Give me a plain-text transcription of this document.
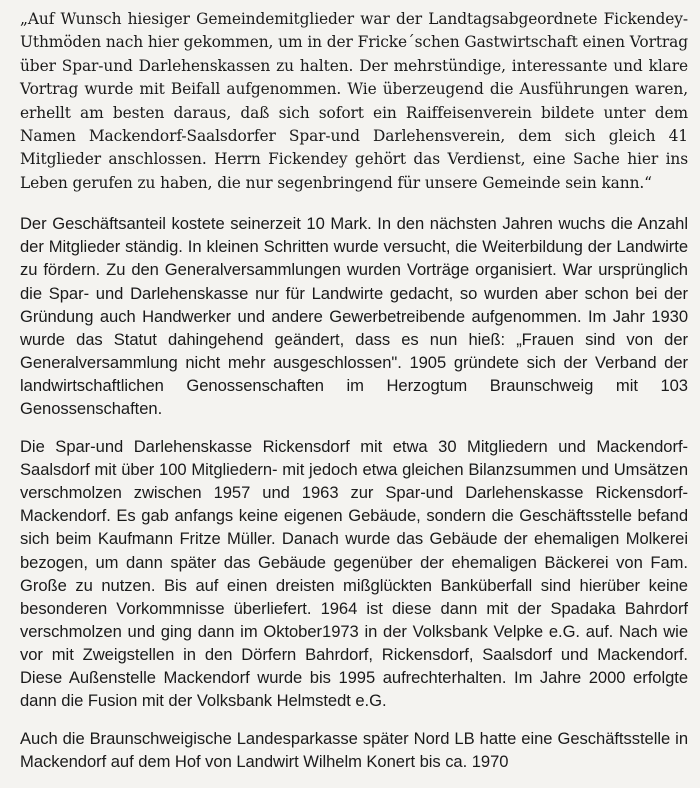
„Auf Wunsch hiesiger Gemeindemitglieder war der Landtagsabgeordnete Fickendey-Uthmöden nach hier gekommen, um in der Fricke´schen Gastwirtschaft einen Vortrag über Spar-und Darlehenskassen zu halten. Der mehrstündige, interessante und klare Vortrag wurde mit Beifall aufgenommen. Wie überzeugend die Ausführungen waren, erhellt am besten daraus, daß sich sofort ein Raiffeisenverein bildete unter dem Namen Mackendorf-Saalsdorfer Spar-und Darlehensverein, dem sich gleich 41 Mitglieder anschlossen. Herrn Fickendey gehört das Verdienst, eine Sache hier ins Leben gerufen zu haben, die nur segenbringend für unsere Gemeinde sein kann.“

Der Geschäftsanteil kostete seinerzeit 10 Mark. In den nächsten Jahren wuchs die Anzahl der Mitglieder ständig. In kleinen Schritten wurde versucht, die Weiterbildung der Landwirte zu fördern. Zu den Generalversammlungen wurden Vorträge organisiert. War ursprünglich die Spar- und Darlehenskasse nur für Landwirte gedacht, so wurden aber schon bei der Gründung auch Handwerker und andere Gewerbetreibende aufgenommen. Im Jahr 1930 wurde das Statut dahingehend geändert, dass es nun hieß: „Frauen sind von der Generalversammlung nicht mehr ausgeschlossen". 1905 gründete sich der Verband der landwirtschaftlichen Genossenschaften im Herzogtum Braunschweig mit 103 Genossenschaften.

Die Spar-und Darlehenskasse Rickensdorf mit etwa 30 Mitgliedern und Mackendorf-Saalsdorf mit über 100 Mitgliedern- mit jedoch etwa gleichen Bilanzsummen und Umsätzen verschmolzen zwischen 1957 und 1963 zur Spar-und Darlehenskasse Rickensdorf-Mackendorf. Es gab anfangs keine eigenen Gebäude, sondern die Geschäftsstelle befand sich beim Kaufmann Fritze Müller. Danach wurde das Gebäude der ehemaligen Molkerei bezogen, um dann später das Gebäude gegenüber der ehemaligen Bäckerei von Fam. Große zu nutzen. Bis auf einen dreisten mißglückten Banküberfall sind hierüber keine besonderen Vorkommnisse überliefert. 1964 ist diese dann mit der Spadaka Bahrdorf verschmolzen und ging dann im Oktober1973 in der Volksbank Velpke e.G. auf. Nach wie vor mit Zweigstellen in den Dörfern Bahrdorf, Rickensdorf, Saalsdorf und Mackendorf. Diese Außenstelle Mackendorf wurde bis 1995 aufrechterhalten. Im Jahre 2000 erfolgte dann die Fusion mit der Volksbank Helmstedt e.G.

Auch die Braunschweigische Landesparkasse später Nord LB hatte eine Geschäftsstelle in Mackendorf auf dem Hof von Landwirt Wilhelm Konert bis ca. 1970
